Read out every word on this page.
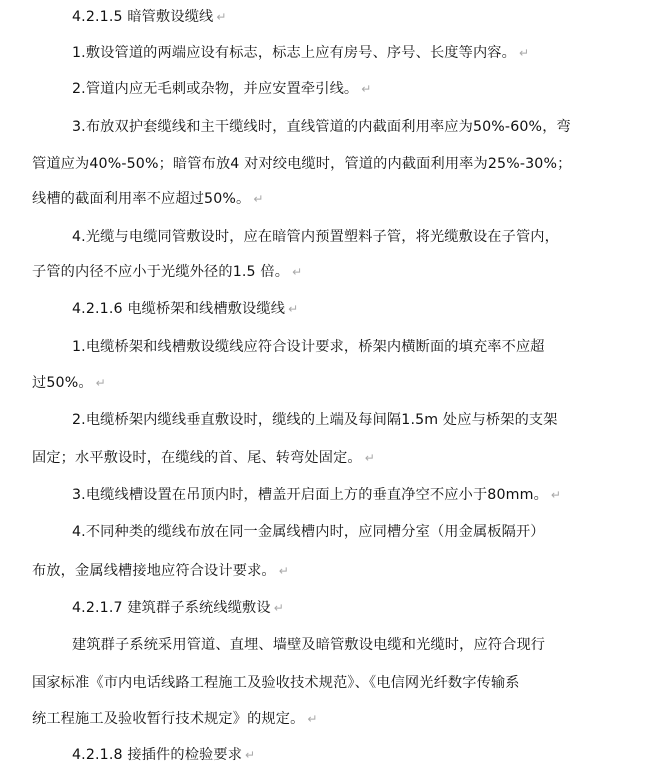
4.2.1.5 暗管敷设缆线 ↵
1.敷设管道的两端应设有标志，标志上应有房号、序号、长度等内容。 ↵
2.管道内应无毛刺或杂物，并应安置牵引线。 ↵
3.布放双护套缆线和主干缆线时，直线管道的内截面利用率应为50%-60%，弯
管道应为40%-50%；暗管布放4 对对绞电缆时，管道的内截面利用率为25%-30%；
线槽的截面利用率不应超过50%。 ↵
4.光缆与电缆同管敷设时，应在暗管内预置塑料子管，将光缆敷设在子管内，
子管的内径不应小于光缆外径的1.5 倍。 ↵
4.2.1.6 电缆桥架和线槽敷设缆线 ↵
1.电缆桥架和线槽敷设缆线应符合设计要求，桥架内横断面的填充率不应超
过50%。 ↵
2.电缆桥架内缆线垂直敷设时，缆线的上端及每间隔1.5m 处应与桥架的支架
固定；水平敷设时，在缆线的首、尾、转弯处固定。 ↵
3.电缆线槽设置在吊顶内时，槽盖开启面上方的垂直净空不应小于80mm。 ↵
4.不同种类的缆线布放在同一金属线槽内时，应同槽分室（用金属板隔开）
布放，金属线槽接地应符合设计要求。 ↵
4.2.1.7 建筑群子系统线缆敷设 ↵
建筑群子系统采用管道、直埋、墙壁及暗管敷设电缆和光缆时，应符合现行
国家标准《市内电话线路工程施工及验收技术规范》、《电信网光纤数字传输系
统工程施工及验收暂行技术规定》的规定。 ↵
4.2.1.8 接插件的检验要求 ↵
